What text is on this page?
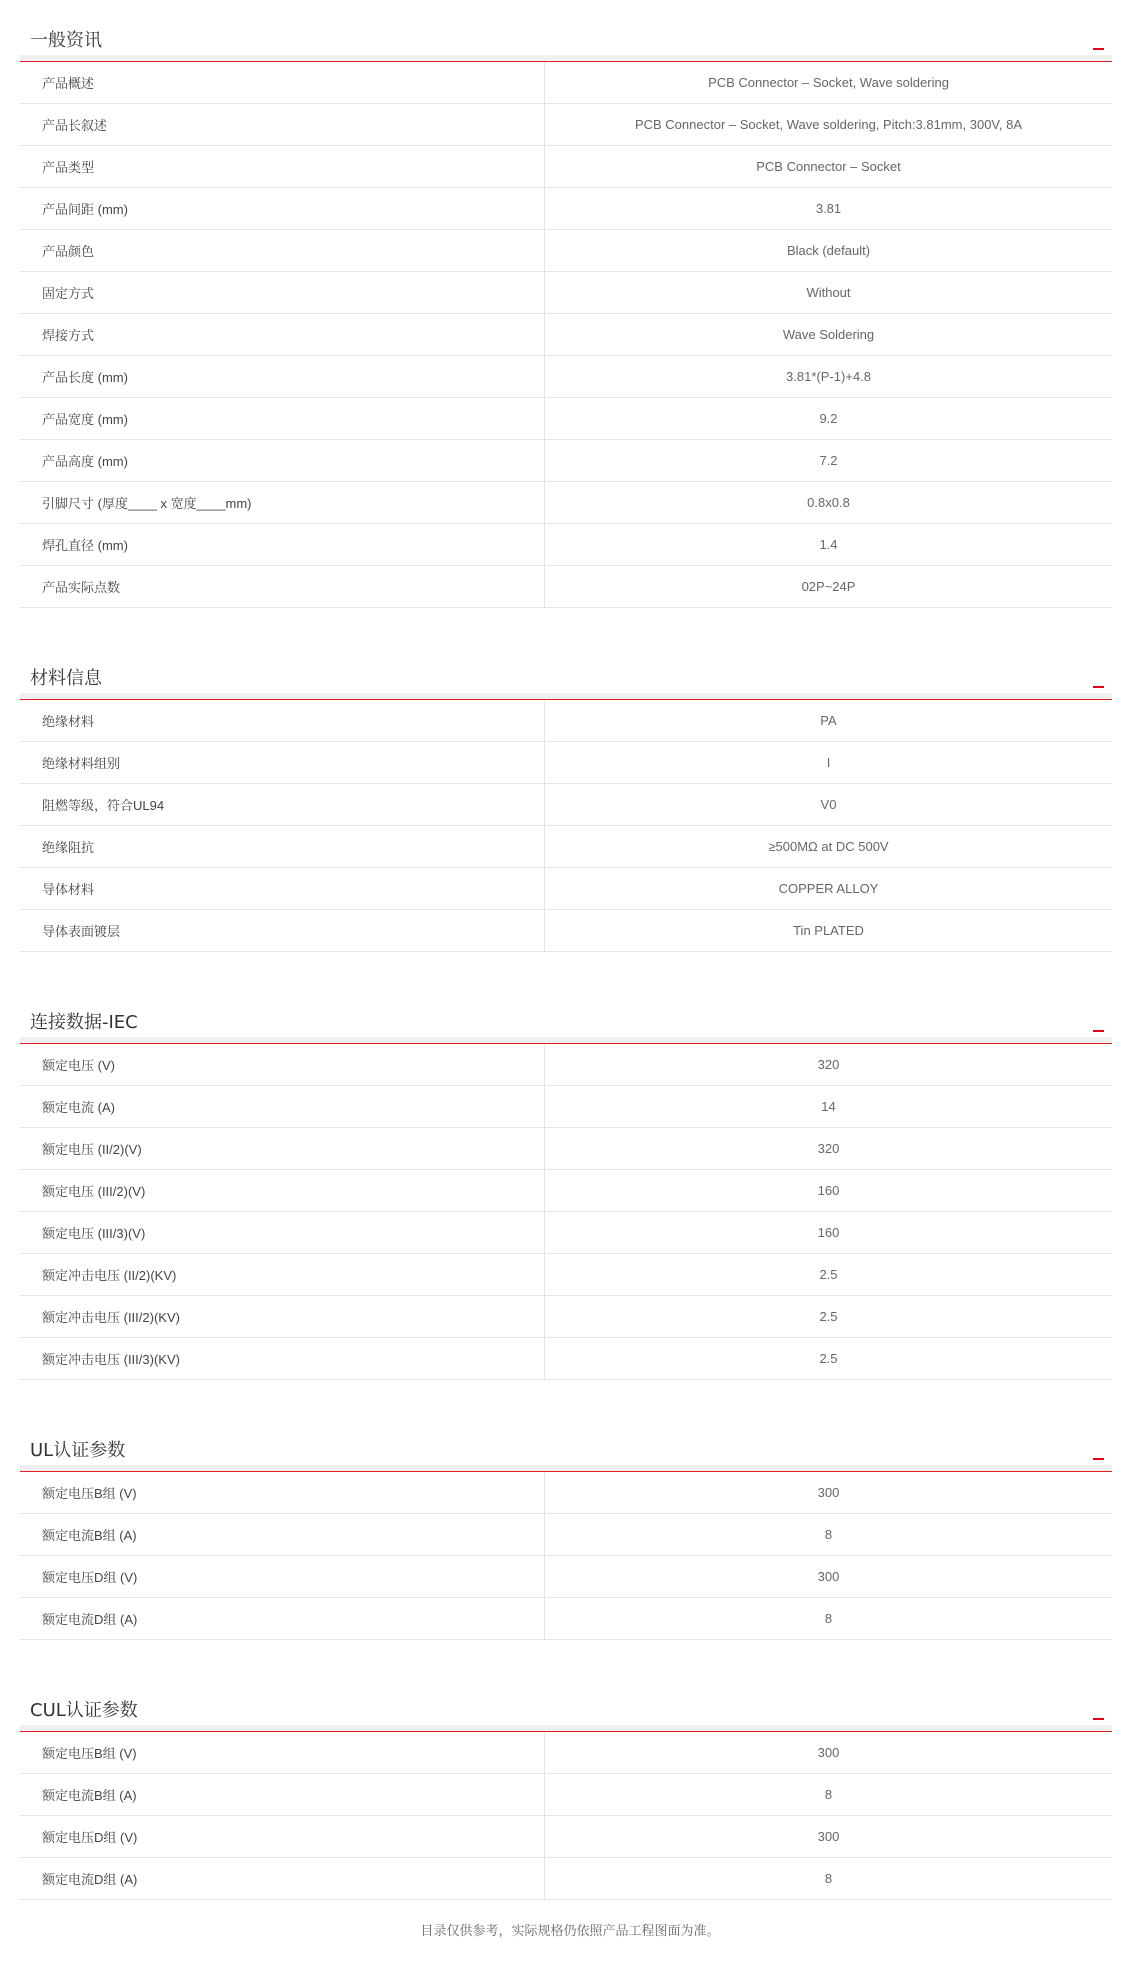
一般资讯
产品概述	PCB Connector – Socket, Wave soldering
产品长叙述	PCB Connector – Socket, Wave soldering, Pitch:3.81mm, 300V, 8A
产品类型	PCB Connector – Socket
产品间距 (mm)	3.81
产品颜色	Black (default)
固定方式	Without
焊接方式	Wave Soldering
产品长度 (mm)	3.81*(P-1)+4.8
产品宽度 (mm)	9.2
产品高度 (mm)	7.2
引脚尺寸 (厚度____ x 宽度____mm)	0.8x0.8
焊孔直径 (mm)	1.4
产品实际点数	02P~24P
材料信息
绝缘材料	PA
绝缘材料组别	I
阻燃等级，符合UL94	V0
绝缘阻抗	≥500MΩ at DC 500V
导体材料	COPPER ALLOY
导体表面镀层	Tin PLATED
连接数据-IEC
额定电压 (V)	320
额定电流 (A)	14
额定电压 (II/2)(V)	320
额定电压 (III/2)(V)	160
额定电压 (III/3)(V)	160
额定冲击电压 (II/2)(KV)	2.5
额定冲击电压 (III/2)(KV)	2.5
额定冲击电压 (III/3)(KV)	2.5
UL认证参数
额定电压B组 (V)	300
额定电流B组 (A)	8
额定电压D组 (V)	300
额定电流D组 (A)	8
CUL认证参数
额定电压B组 (V)	300
额定电流B组 (A)	8
额定电压D组 (V)	300
额定电流D组 (A)	8
目录仅供参考，实际规格仍依照产品工程图面为准。
